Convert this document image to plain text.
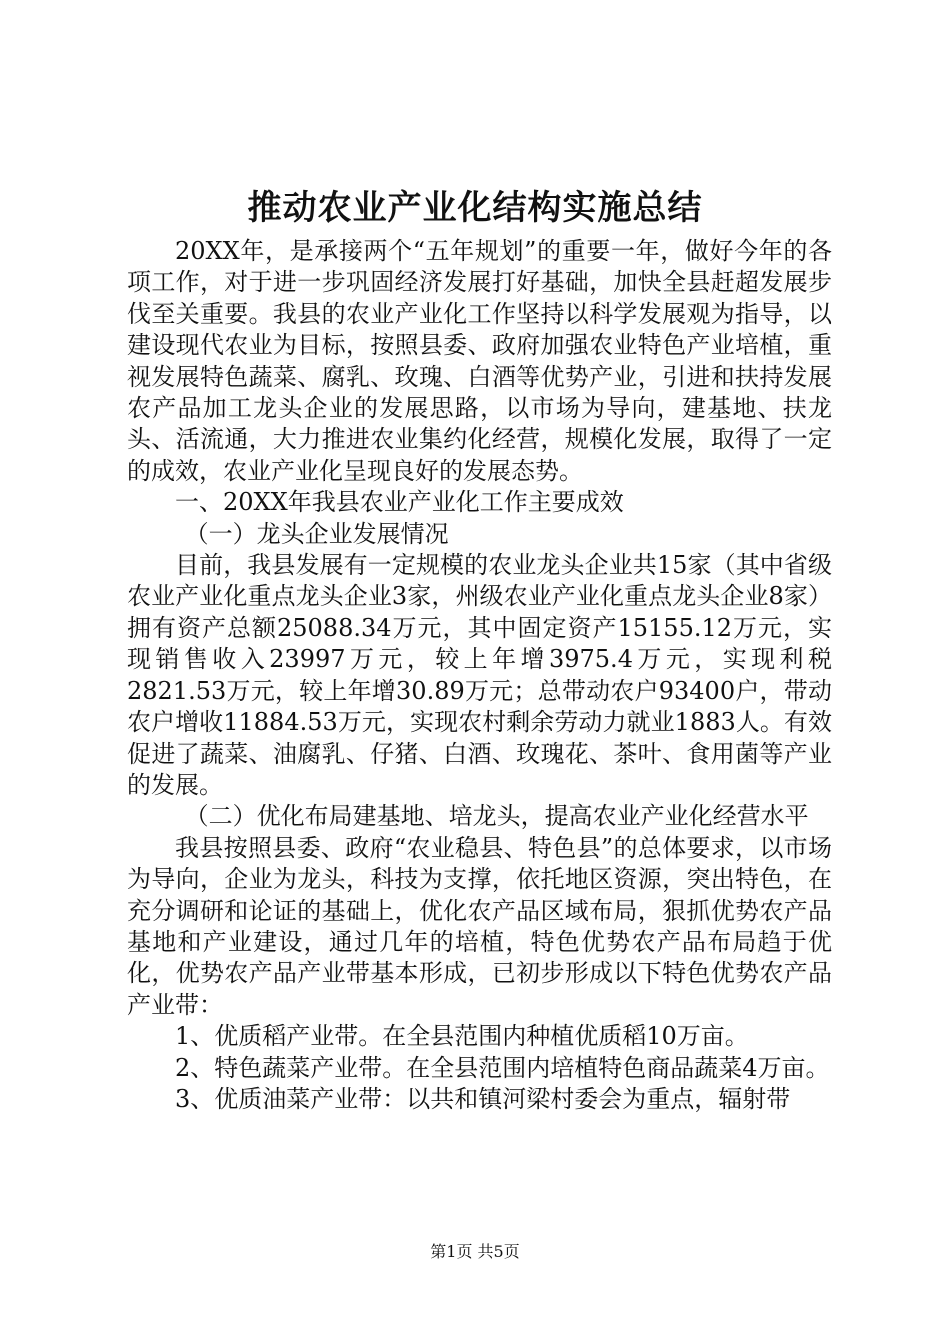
推动农业产业化结构实施总结

20XX年，是承接两个“五年规划”的重要一年，做好今年的各项工作，对于进一步巩固经济发展打好基础，加快全县赶超发展步伐至关重要。我县的农业产业化工作坚持以科学发展观为指导，以建设现代农业为目标，按照县委、政府加强农业特色产业培植，重视发展特色蔬菜、腐乳、玫瑰、白酒等优势产业，引进和扶持发展农产品加工龙头企业的发展思路，以市场为导向，建基地、扶龙头、活流通，大力推进农业集约化经营，规模化发展，取得了一定的成效，农业产业化呈现良好的发展态势。

一、20XX年我县农业产业化工作主要成效

（一）龙头企业发展情况

目前，我县发展有一定规模的农业龙头企业共15家（其中省级农业产业化重点龙头企业3家，州级农业产业化重点龙头企业8家）拥有资产总额25088.34万元，其中固定资产15155.12万元，实现销售收入23997万元，较上年增3975.4万元，实现利税2821.53万元，较上年增30.89万元；总带动农户93400户，带动农户增收11884.53万元，实现农村剩余劳动力就业1883人。有效促进了蔬菜、油腐乳、仔猪、白酒、玫瑰花、茶叶、食用菌等产业的发展。

（二）优化布局建基地、培龙头，提高农业产业化经营水平

我县按照县委、政府“农业稳县、特色县”的总体要求，以市场为导向，企业为龙头，科技为支撑，依托地区资源，突出特色，在充分调研和论证的基础上，优化农产品区域布局，狠抓优势农产品基地和产业建设，通过几年的培植，特色优势农产品布局趋于优化，优势农产品产业带基本形成，已初步形成以下特色优势农产品产业带：

1、优质稻产业带。在全县范围内种植优质稻10万亩。

2、特色蔬菜产业带。在全县范围内培植特色商品蔬菜4万亩。

3、优质油菜产业带：以共和镇河梁村委会为重点，辐射带

第1页 共5页
